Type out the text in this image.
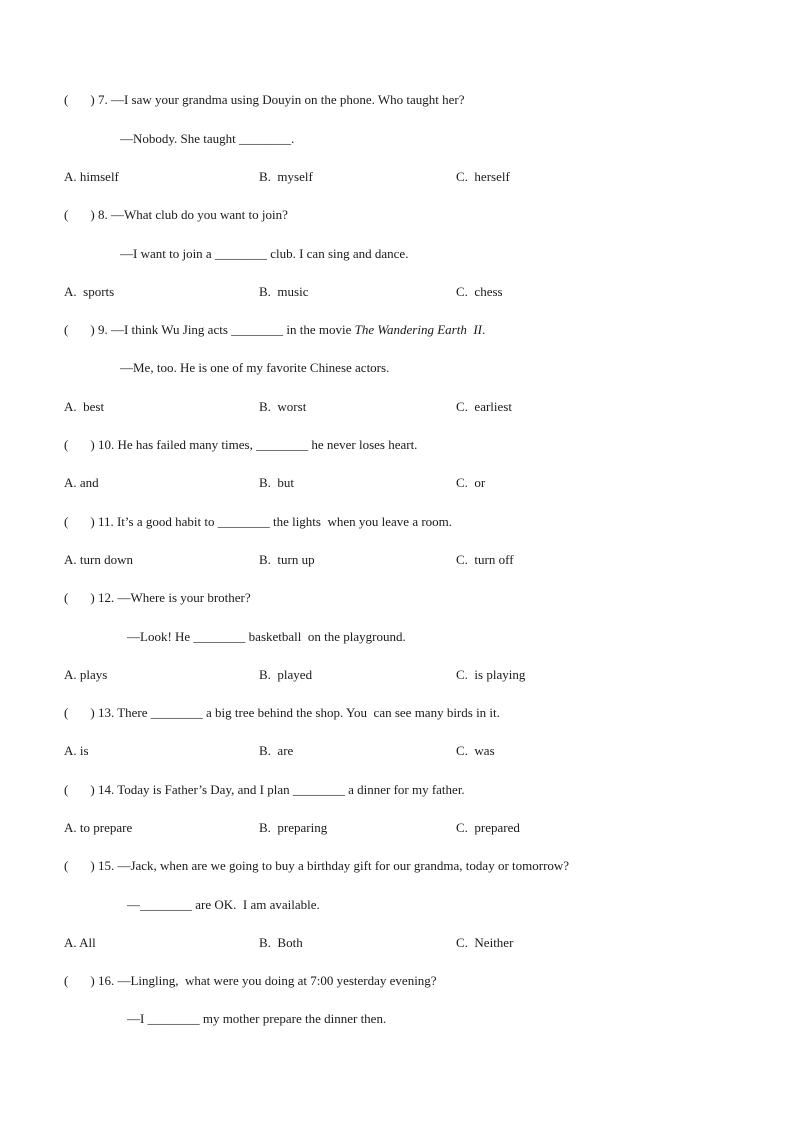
( ) 7. —I saw your grandma using Douyin on the phone. Who taught her?
—Nobody. She taught ________.
A. himself	B.  myself	C.  herself
( ) 8. —What club do you want to join?
—I want to join a ________ club. I can sing and dance.
A.  sports	B.  music	C.  chess
( ) 9. —I think Wu Jing acts ________ in the movie The Wandering Earth  II.
—Me, too. He is one of my favorite Chinese actors.
A.  best	B.  worst	C.  earliest
( ) 10. He has failed many times, ________ he never loses heart.
A. and	B.  but	C.  or
( ) 11. It’s a good habit to ________ the lights  when you leave a room.
A. turn down	B.  turn up	C.  turn off
( ) 12. —Where is your brother?
—Look! He ________ basketball  on the playground.
A. plays	B.  played	C.  is playing
( ) 13. There ________ a big tree behind the shop. You  can see many birds in it.
A. is	B.  are	C.  was
( ) 14. Today is Father’s Day, and I plan ________ a dinner for my father.
A. to prepare	B.  preparing	C.  prepared
( ) 15. —Jack, when are we going to buy a birthday gift for our grandma, today or tomorrow?
—________ are OK.  I am available.
A. All	B.  Both	C.  Neither
( ) 16. —Lingling,  what were you doing at 7:00 yesterday evening?
—I ________ my mother prepare the dinner then.
